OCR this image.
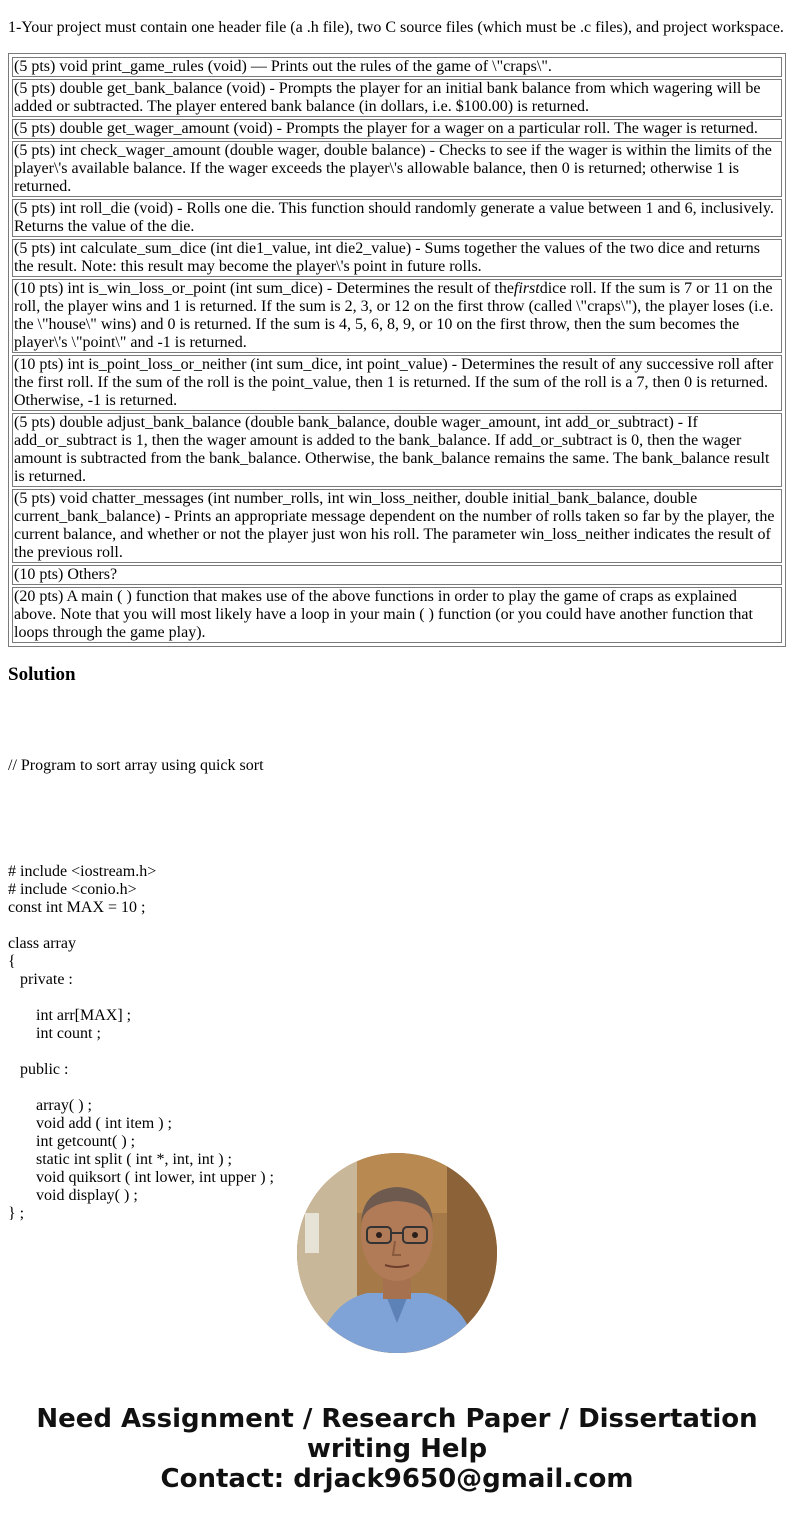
1-Your project must contain one header file (a .h file), two C source files (which must be .c files), and project workspace.

(5 pts) void print_game_rules (void) — Prints out the rules of the game of \"craps\".
(5 pts) double get_bank_balance (void) - Prompts the player for an initial bank balance from which wagering will be added or subtracted. The player entered bank balance (in dollars, i.e. $100.00) is returned.
(5 pts) double get_wager_amount (void) - Prompts the player for a wager on a particular roll. The wager is returned.
(5 pts) int check_wager_amount (double wager, double balance) - Checks to see if the wager is within the limits of the player\'s available balance. If the wager exceeds the player\'s allowable balance, then 0 is returned; otherwise 1 is returned.
(5 pts) int roll_die (void) - Rolls one die. This function should randomly generate a value between 1 and 6, inclusively. Returns the value of the die.
(5 pts) int calculate_sum_dice (int die1_value, int die2_value) - Sums together the values of the two dice and returns the result. Note: this result may become the player\'s point in future rolls.
(10 pts) int is_win_loss_or_point (int sum_dice) - Determines the result of thefirstdice roll. If the sum is 7 or 11 on the roll, the player wins and 1 is returned. If the sum is 2, 3, or 12 on the first throw (called \"craps\"), the player loses (i.e. the \"house\" wins) and 0 is returned. If the sum is 4, 5, 6, 8, 9, or 10 on the first throw, then the sum becomes the player\'s \"point\" and -1 is returned.
(10 pts) int is_point_loss_or_neither (int sum_dice, int point_value) - Determines the result of any successive roll after the first roll. If the sum of the roll is the point_value, then 1 is returned. If the sum of the roll is a 7, then 0 is returned. Otherwise, -1 is returned.
(5 pts) double adjust_bank_balance (double bank_balance, double wager_amount, int add_or_subtract) - If add_or_subtract is 1, then the wager amount is added to the bank_balance. If add_or_subtract is 0, then the wager amount is subtracted from the bank_balance. Otherwise, the bank_balance remains the same. The bank_balance result is returned.
(5 pts) void chatter_messages (int number_rolls, int win_loss_neither, double initial_bank_balance, double current_bank_balance) - Prints an appropriate message dependent on the number of rolls taken so far by the player, the current balance, and whether or not the player just won his roll. The parameter win_loss_neither indicates the result of the previous roll.
(10 pts) Others?
(20 pts) A main ( ) function that makes use of the above functions in order to play the game of craps as explained above. Note that you will most likely have a loop in your main ( ) function (or you could have another function that loops through the game play).
Solution

// Program to sort array using quick sort

# include <iostream.h>
# include <conio.h>
const int MAX = 10 ;
class array
{
private :
int arr[MAX] ;
int count ;
public :
array( ) ;
void add ( int item ) ;
int getcount( ) ;
static int split ( int *, int, int ) ;
void quiksort ( int lower, int upper ) ;
void display( ) ;
} ;

Need Assignment / Research Paper / Dissertation
writing Help
Contact: drjack9650@gmail.com
